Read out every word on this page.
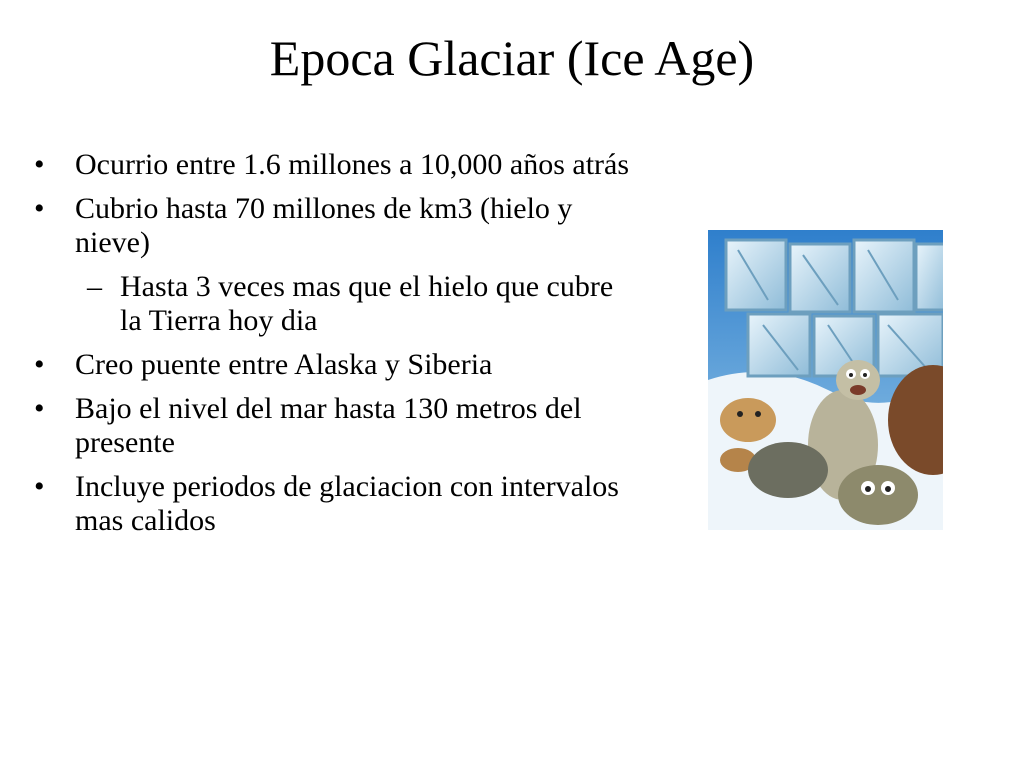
Epoca Glaciar (Ice Age)
• Ocurrio entre 1.6 millones a 10,000 años atrás
• Cubrio hasta 70 millones de km3 (hielo y nieve)
– Hasta 3 veces mas que el hielo que cubre la Tierra hoy dia
• Creo puente entre Alaska y Siberia
• Bajo el nivel del mar hasta 130 metros del presente
• Incluye periodos de glaciacion con intervalos mas calidos
